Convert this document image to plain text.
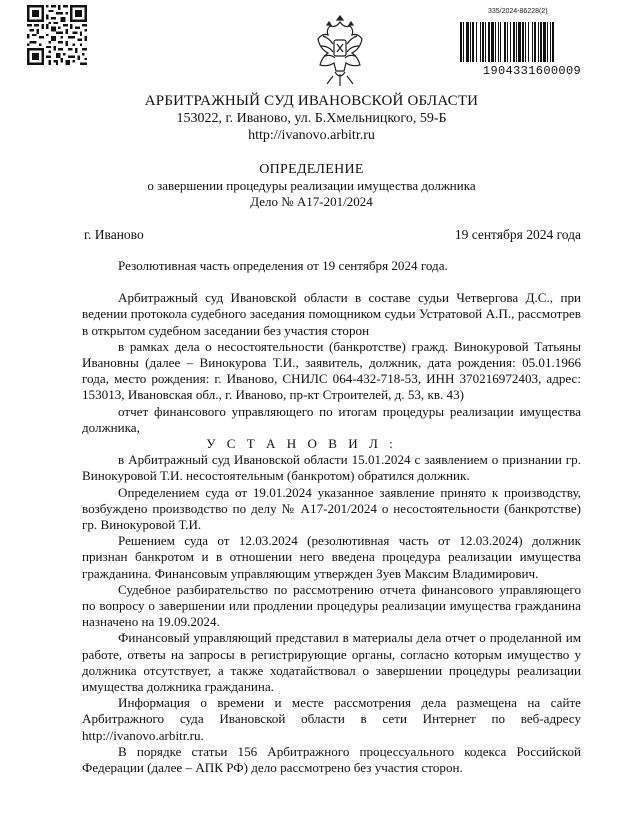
335/2024-86228(2)
1904331600009
АРБИТРАЖНЫЙ СУД ИВАНОВСКОЙ ОБЛАСТИ
153022, г. Иваново, ул. Б.Хмельницкого, 59-Б
http://ivanovo.arbitr.ru
ОПРЕДЕЛЕНИЕ
о завершении процедуры реализации имущества должника
Дело № А17-201/2024
г. Иваново	19 сентября 2024 года

Резолютивная часть определения от 19 сентября 2024 года.

Арбитражный суд Ивановской области в составе судьи Четвергова Д.С., при ведении протокола судебного заседания помощником судьи Устратовой А.П., рассмотрев в открытом судебном заседании без участия сторон

в рамках дела о несостоятельности (банкротстве) гражд. Винокуровой Татьяны Ивановны (далее – Винокурова Т.И., заявитель, должник, дата рождения: 05.01.1966 года, место рождения: г. Иваново, СНИЛС 064-432-718-53, ИНН 370216972403, адрес: 153013, Ивановская обл., г. Иваново, пр-кт Строителей, д. 53, кв. 43)

отчет финансового управляющего по итогам процедуры реализации имущества должника,

У С Т А Н О В И Л :

в Арбитражный суд Ивановской области 15.01.2024 с заявлением о признании гр. Винокуровой Т.И. несостоятельным (банкротом) обратился должник.

Определением суда от 19.01.2024 указанное заявление принято к производству, возбуждено производство по делу № А17-201/2024 о несостоятельности (банкротстве) гр. Винокуровой Т.И.

Решением суда от 12.03.2024 (резолютивная часть от 12.03.2024) должник признан банкротом и в отношении него введена процедура реализации имущества гражданина. Финансовым управляющим утвержден Зуев Максим Владимирович.

Судебное разбирательство по рассмотрению отчета финансового управляющего по вопросу о завершении или продлении процедуры реализации имущества гражданина назначено на 19.09.2024.

Финансовый управляющий представил в материалы дела отчет о проделанной им работе, ответы на запросы в регистрирующие органы, согласно которым имущество у должника отсутствует, а также ходатайствовал о завершении процедуры реализации имущества должника гражданина.

Информация о времени и месте рассмотрения дела размещена на сайте Арбитражного суда Ивановской области в сети Интернет по веб-адресу http://ivanovo.arbitr.ru.

В порядке статьи 156 Арбитражного процессуального кодекса Российской Федерации (далее – АПК РФ) дело рассмотрено без участия сторон.
